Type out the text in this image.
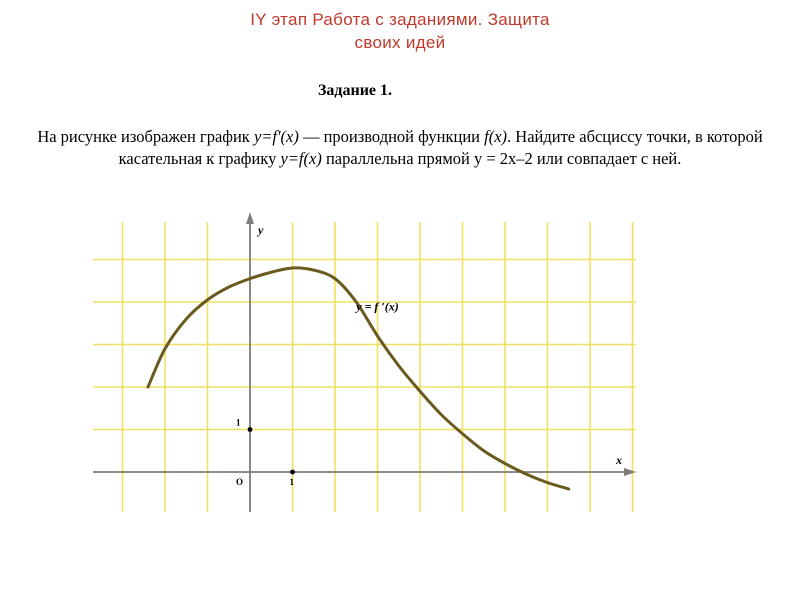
IY этап Работа с заданиями. Защита
своих идей
Задание 1.
На рисунке изображен график y=f'(x) — производной функции f(x). Найдите абсциссу точки, в которой касательная к графику y=f(x) параллельна прямой у = 2х–2 или совпадает с ней.
y = f ′(x)
x
y
O	1
1
